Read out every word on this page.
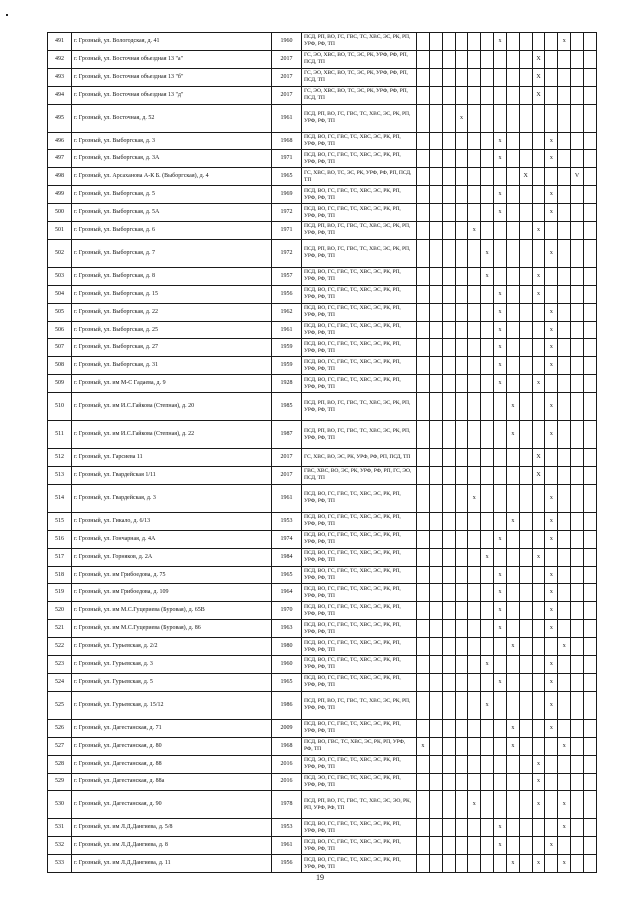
491	г. Грозный, ул. Вологодская, д. 41	1960	ПСД, РП, ВО, ГС, ГВС, ТС, ХВС, ЭС, РК, РП, УРФ, РФ, ТП							x					x		
492	г. Грозный, ул. Восточная объездная 13 "а"	2017	ГС, ЭО, ХВС, ВО, ТС, ЭС, РК, УРФ, РФ, РП, ПСД, ТП										X				
493	г. Грозный, ул. Восточная объездная 13 "б"	2017	ГС, ЭО, ХВС, ВО, ТС, ЭС, РК, УРФ, РФ, РП, ПСД, ТП										X				
494	г. Грозный, ул. Восточная объездная 13 "д"	2017	ГС, ЭО, ХВС, ВО, ТС, ЭС, РК, УРФ, РФ, РП, ПСД, ТП										X				
495	г. Грозный, ул. Восточная, д. 52	1961	ПСД, РП, ВО, ГС, ГВС, ТС, ХВС, ЭС, РК, РП, УРФ, РФ, ТП				x										
496	г. Грозный, ул. Выборгская, д. 3	1968	ПСД, ВО, ГС, ГВС, ТС, ХВС, ЭС, РК, РП, УРФ, РФ, ТП							x				x			
497	г. Грозный, ул. Выборгская, д. 3А	1971	ПСД, ВО, ГС, ГВС, ТС, ХВС, ЭС, РК, РП, УРФ, РФ, ТП							x				x			
498	г. Грозный, ул. Арсаханова А-К Б. (Выборгская), д. 4	1965	ГС, ХВС, ВО, ТС, ЭС, РК, УРФ, РФ, РП, ПСД, ТП									X				V	
499	г. Грозный, ул. Выборгская, д. 5	1969	ПСД, ВО, ГС, ГВС, ТС, ХВС, ЭС, РК, РП, УРФ, РФ, ТП							x				x			
500	г. Грозный, ул. Выборгская, д. 5А	1972	ПСД, ВО, ГС, ГВС, ТС, ХВС, ЭС, РК, РП, УРФ, РФ, ТП							x				x			
501	г. Грозный, ул. Выборгская, д. 6	1971	ПСД, РП, ВО, ГС, ГВС, ТС, ХВС, ЭС, РК, РП, УРФ, РФ, ТП					x					x				
502	г. Грозный, ул. Выборгская, д. 7	1972	ПСД, РП, ВО, ГС, ГВС, ТС, ХВС, ЭС, РК, РП, УРФ, РФ, ТП						x					x			
503	г. Грозный, ул. Выборгская, д. 8	1957	ПСД, ВО, ГС, ГВС, ТС, ХВС, ЭС, РК, РП, УРФ, РФ, ТП						x				x				
504	г. Грозный, ул. Выборгская, д. 15	1956	ПСД, ВО, ГС, ГВС, ТС, ХВС, ЭС, РК, РП, УРФ, РФ, ТП							x			x				
505	г. Грозный, ул. Выборгская, д. 22	1962	ПСД, ВО, ГС, ГВС, ТС, ХВС, ЭС, РК, РП, УРФ, РФ, ТП							x				x			
506	г. Грозный, ул. Выборгская, д. 25	1961	ПСД, ВО, ГС, ГВС, ТС, ХВС, ЭС, РК, РП, УРФ, РФ, ТП							x				x			
507	г. Грозный, ул. Выборгская, д. 27	1959	ПСД, ВО, ГС, ГВС, ТС, ХВС, ЭС, РК, РП, УРФ, РФ, ТП							x				x			
508	г. Грозный, ул. Выборгская, д. 31	1959	ПСД, ВО, ГС, ГВС, ТС, ХВС, ЭС, РК, РП, УРФ, РФ, ТП							x				x			
509	г. Грозный, ул. им М-С Гадаева, д. 9	1928	ПСД, ВО, ГС, ГВС, ТС, ХВС, ЭС, РК, РП, УРФ, РФ, ТП							x			x				
510	г. Грозный, ул. им И.С.Гайкова (Степная), д. 20	1985	ПСД, РП, ВО, ГС, ГВС, ТС, ХВС, ЭС, РК, РП, УРФ, РФ, ТП								x			x			
511	г. Грозный, ул. им И.С.Гайкова (Степная), д. 22	1987	ПСД, РП, ВО, ГС, ГВС, ТС, ХВС, ЭС, РК, РП, УРФ, РФ, ТП								x			x			
512	г. Грозный, ул. Гарсиева 11	2017	ГС, ХВС, ВО, ЭС, РК, УРФ, РФ, РП, ПСД, ТП										X				
513	г. Грозный, ул. Гвардейская 1/11	2017	ГВС, ХВС, ВО, ЭС, РК, УРФ, РФ, РП, ГС, ЭО, ПСД, ТП										X				
514	г. Грозный, ул. Гвардейская, д. 3	1961	ПСД, ВО, ГС, ГВС, ТС, ХВС, ЭС, РК, РП, УРФ, РФ, ТП					x						x			
515	г. Грозный, ул. Гикало, д. 6/13	1953	ПСД, ВО, ГС, ГВС, ТС, ХВС, ЭС, РК, РП, УРФ, РФ, ТП								x			x			
516	г. Грозный, ул. Гончарная, д. 4А	1974	ПСД, ВО, ГС, ГВС, ТС, ХВС, ЭС, РК, РП, УРФ, РФ, ТП							x				x			
517	г. Грозный, ул. Горняков, д. 2А	1984	ПСД, ВО, ГС, ГВС, ТС, ХВС, ЭС, РК, РП, УРФ, РФ, ТП						x				x				
518	г. Грозный, ул. им Грибоедова, д. 75	1965	ПСД, ВО, ГС, ГВС, ТС, ХВС, ЭС, РК, РП, УРФ, РФ, ТП							x				x			
519	г. Грозный, ул. им Грибоедова, д. 109	1964	ПСД, ВО, ГС, ГВС, ТС, ХВС, ЭС, РК, РП, УРФ, РФ, ТП							x				x			
520	г. Грозный, ул. им М.С.Гуцериева (Буровая), д. 65В	1970	ПСД, ВО, ГС, ГВС, ТС, ХВС, ЭС, РК, РП, УРФ, РФ, ТП							x				x			
521	г. Грозный, ул. им М.С.Гуцериева (Буровая), д. 86	1963	ПСД, ВО, ГС, ГВС, ТС, ХВС, ЭС, РК, РП, УРФ, РФ, ТП							x				x			
522	г. Грозный, ул. Гурьевская, д. 2/2	1980	ПСД, ВО, ГС, ГВС, ТС, ХВС, ЭС, РК, РП, УРФ, РФ, ТП								x				x		
523	г. Грозный, ул. Гурьевская, д. 3	1960	ПСД, ВО, ГС, ГВС, ТС, ХВС, ЭС, РК, РП, УРФ, РФ, ТП						x					x			
524	г. Грозный, ул. Гурьевская, д. 5	1965	ПСД, ВО, ГС, ГВС, ТС, ХВС, ЭС, РК, РП, УРФ, РФ, ТП							x				x			
525	г. Грозный, ул. Гурьевская, д. 15/12	1986	ПСД, РП, ВО, ГС, ГВС, ТС, ХВС, ЭС, РК, РП, УРФ, РФ, ТП						x					x			
526	г. Грозный, ул. Дагестанская, д. 71	2009	ПСД, ВО, ГС, ГВС, ТС, ХВС, ЭС, РК, РП, УРФ, РФ, ТП								x			x			
527	г. Грозный, ул. Дагестанская, д. 80	1968	ПСД, ВО, ГВС, ТС, ХВС, ЭС, РК, РП, УРФ, РФ, ТП	x							x				x		
528	г. Грозный, ул. Дагестанская, д. 88	2016	ПСД, ЭО, ГС, ГВС, ТС, ХВС, ЭС, РК, РП, УРФ, РФ, ТП										x				
529	г. Грозный, ул. Дагестанская, д. 88а	2016	ПСД, ЭО, ГС, ГВС, ТС, ХВС, ЭС, РК, РП, УРФ, РФ, ТП										x				
530	г. Грозный, ул. Дагестанская, д. 90	1978	ПСД, РП, ВО, ГС, ГВС, ТС, ХВС, ЭС, ЭО, РК, РП, УРФ, РФ, ТП					x					x		x		
531	г. Грозный, ул. им Л.Д.Дангиева, д. 5/8	1953	ПСД, ВО, ГС, ГВС, ТС, ХВС, ЭС, РК, РП, УРФ, РФ, ТП							x					x		
532	г. Грозный, ул. им Л.Д.Дангиева, д. 8	1961	ПСД, ВО, ГС, ГВС, ТС, ХВС, ЭС, РК, РП, УРФ, РФ, ТП							x				x			
533	г. Грозный, ул. им Л.Д.Дангиева, д. 11	1956	ПСД, ВО, ГС, ГВС, ТС, ХВС, ЭС, РК, РП, УРФ, РФ, ТП								x		x		x		
19
